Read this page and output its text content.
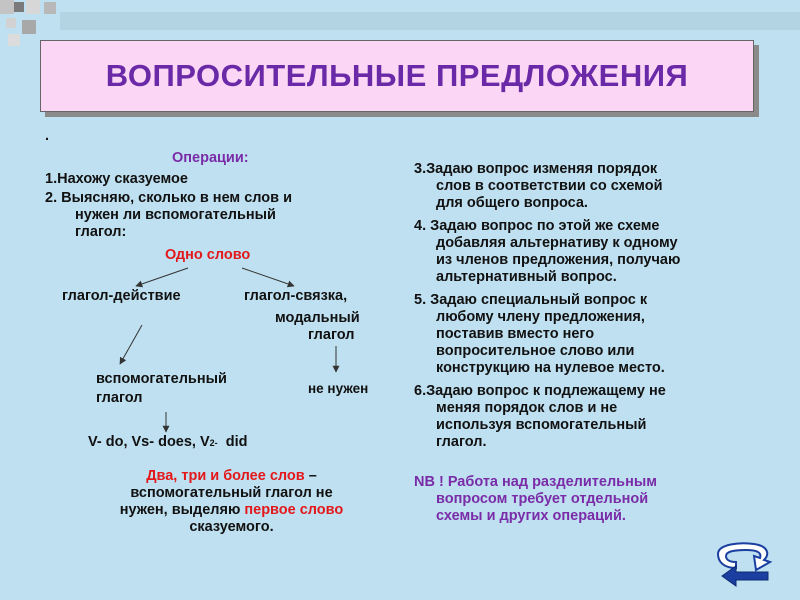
ВОПРОСИТЕЛЬНЫЕ ПРЕДЛОЖЕНИЯ
.
Операции:
1.Нахожу сказуемое
2. Выясняю, сколько в нем слов и
нужен ли вспомогательный
глагол:
Одно слово
глагол-действие	глагол-связка,
модальный
глагол
вспомогательный
глагол
не нужен
V- do, Vs- does, V2-  did
Два, три и более слов –
вспомогательный глагол не
нужен, выделяю первое слово
сказуемого.

3.Задаю вопрос изменяя порядок
слов в соответствии со схемой
для общего вопроса.

4. Задаю вопрос по этой же схеме
добавляя альтернативу к одному
из членов предложения, получаю
альтернативный вопрос.

5. Задаю специальный вопрос к
любому члену предложения,
поставив вместо него
вопросительное слово или
конструкцию на нулевое место.

6.Задаю вопрос к подлежащему не
меняя порядок слов и не
используя вспомогательный
глагол.

NB ! Работа над разделительным
вопросом требует отдельной
схемы и других операций.
